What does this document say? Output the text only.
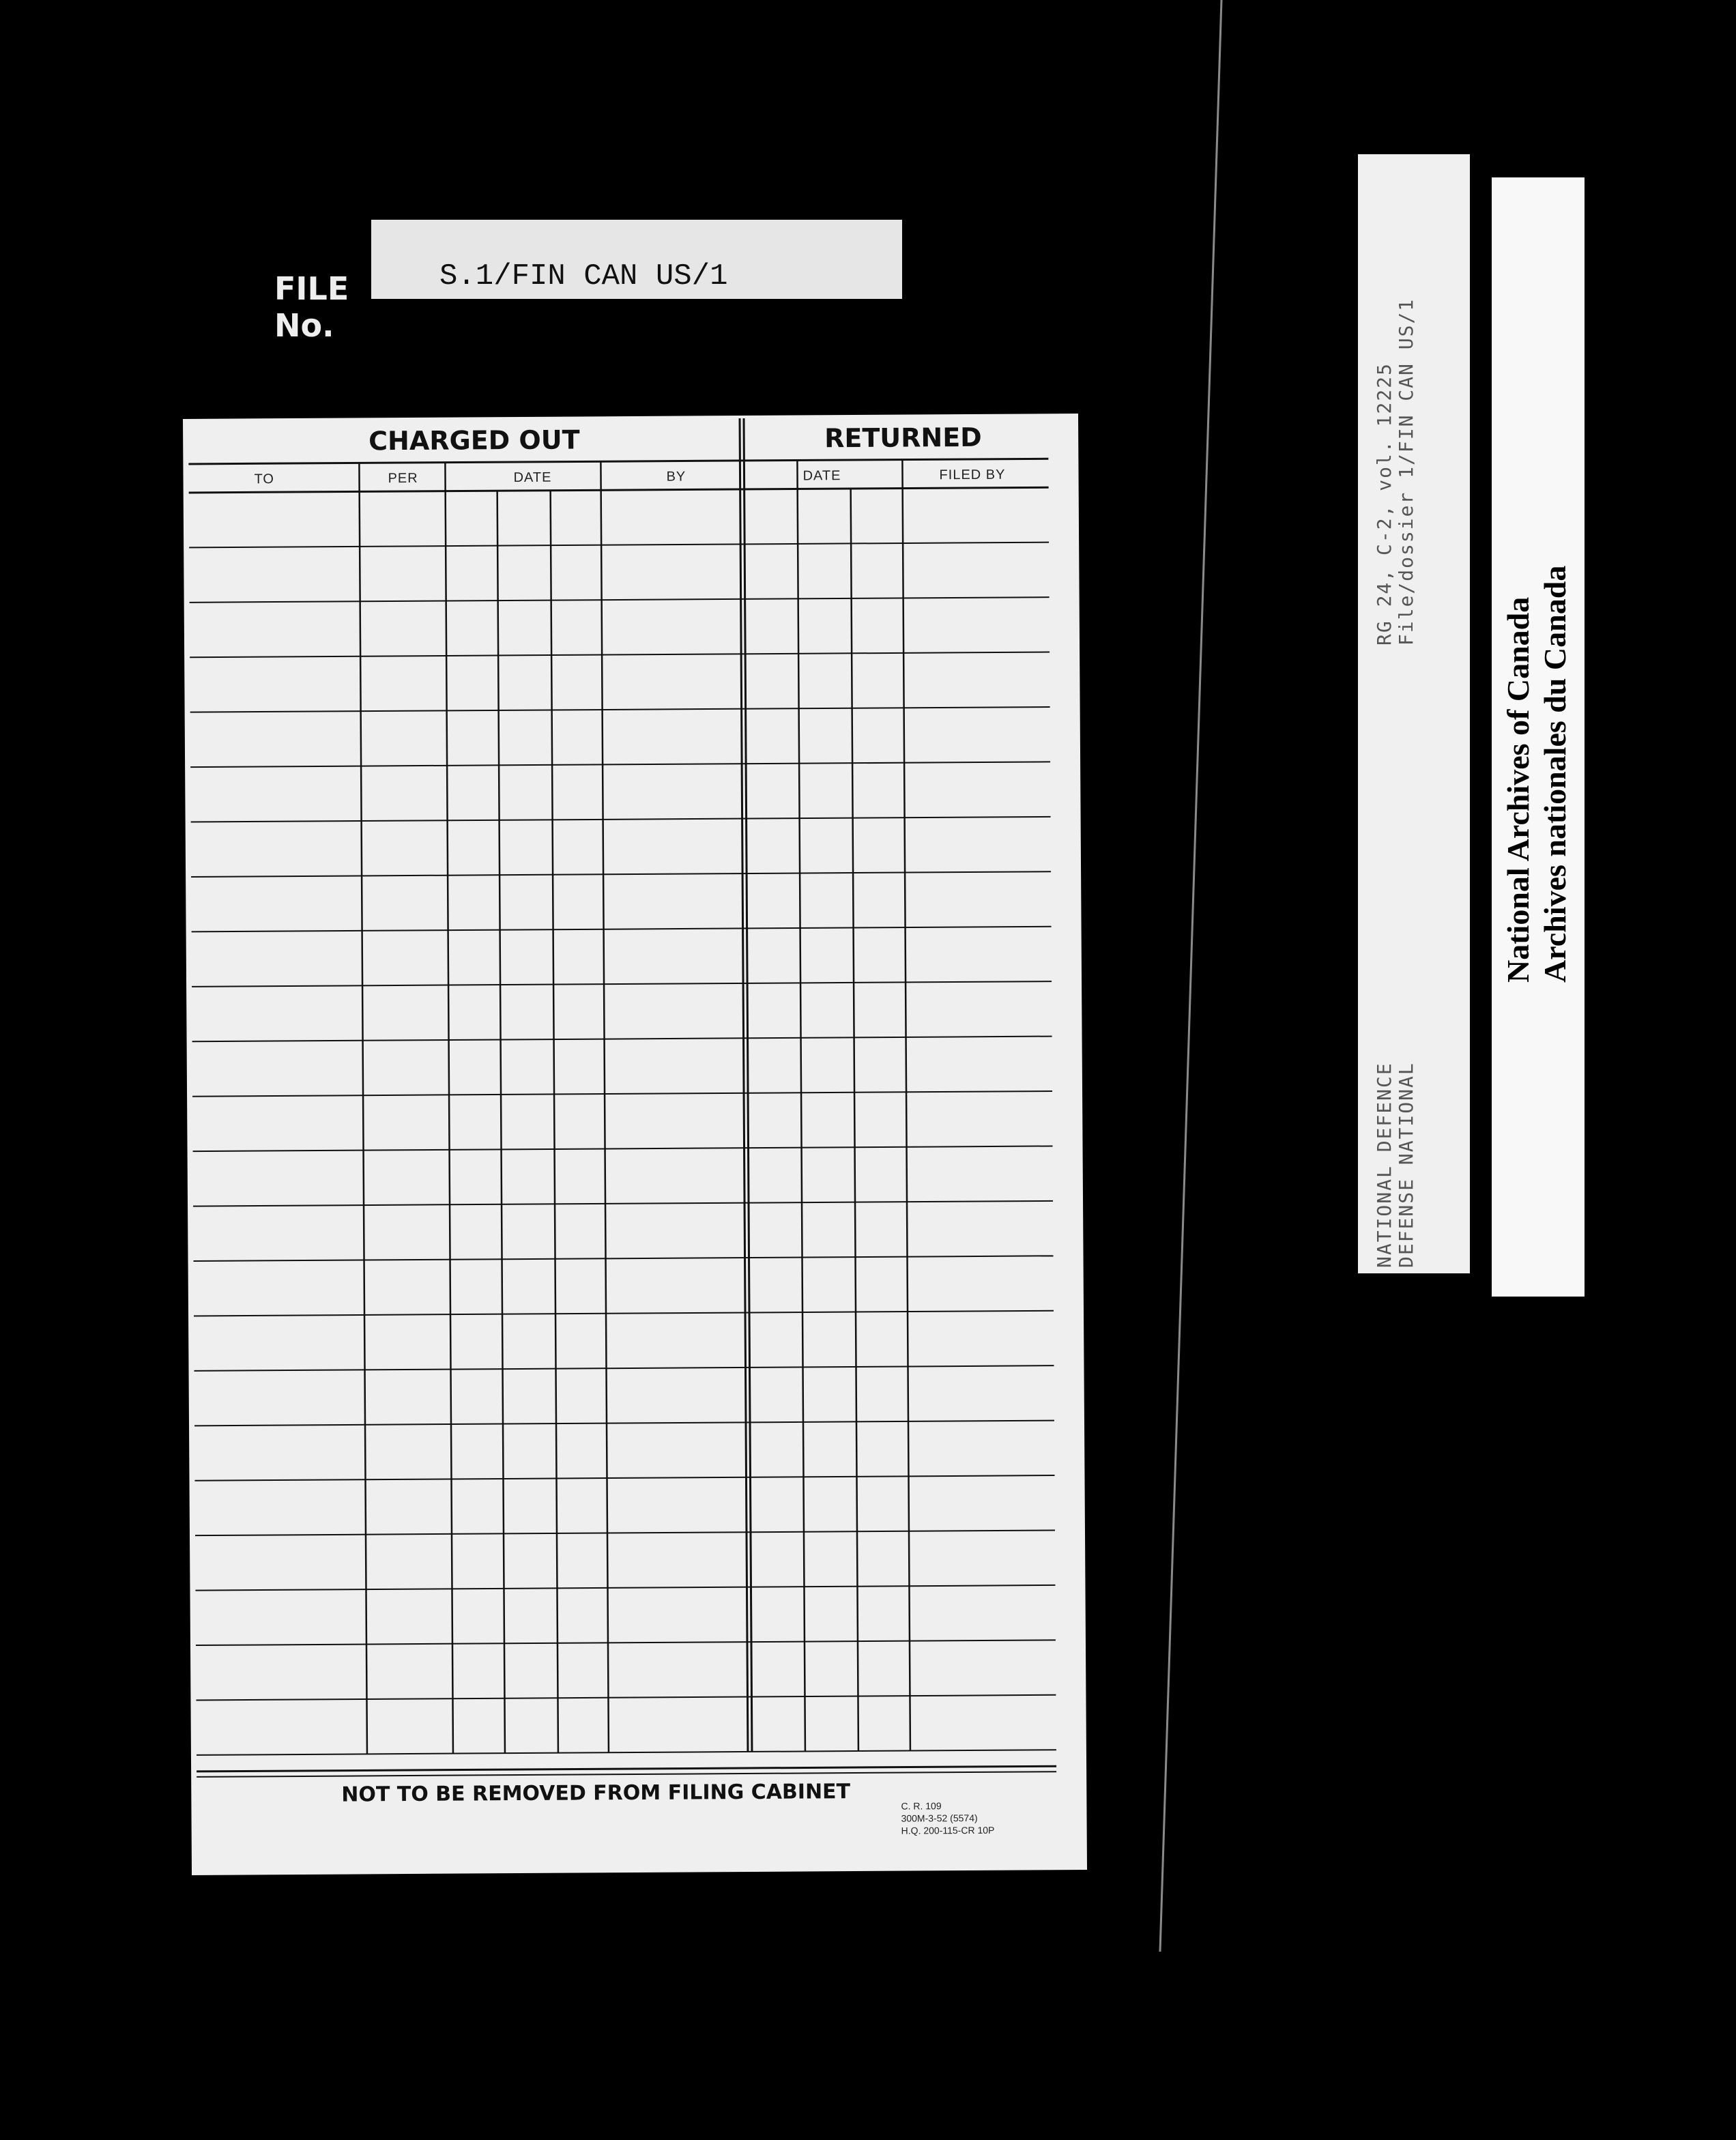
FILE
No.
S.1/FIN CAN US/1
CHARGED OUT	RETURNED
TO	PER	DATE	BY	DATE	FILED BY
NOT TO BE REMOVED FROM FILING CABINET	C. R. 109
300M-3-52 (5574)
H.Q. 200-115-CR 10P
NATIONAL DEFENCE DEFENSE NATIONAL
RG 24, C-2, vol. 12225 File/dossier 1/FIN CAN US/1
National Archives of Canada Archives nationales du Canada
